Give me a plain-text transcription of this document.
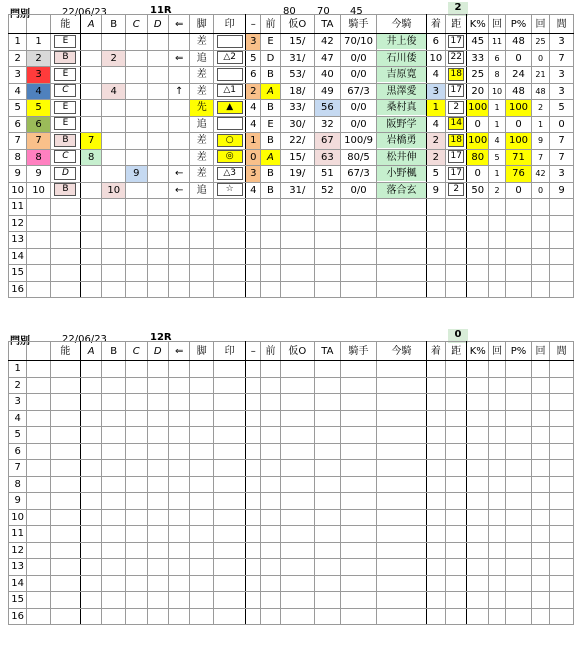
門別	22/06/23	11R	80 70 45	2
		能	A	B	C	D	⇐	脚	印	–	前	仮O	TA	騎手	今騎	着	距	K%	回	P%	回	閭
1	1	E						差		3	E	15/	42	70/10	井上俊	6	17	45	11	48	25	3
2	2	B		2			⇐	追	△2	5	D	31/	47	0/0	石川倭	10	22	33	6	0	0	7
3	3	E						差		6	B	53/	40	0/0	吉原寛	4	18	25	8	24	21	3
4	4	C		4			↑	差	△1	2	A	18/	49	67/3	黒澤愛	3	17	20	10	48	48	3
5	5	E						先	▲	4	B	33/	56	0/0	桑村真	1	2	100	1	100	2	5
6	6	E						追		4	E	30/	32	0/0	阪野学	4	14	0	1	0	1	0
7	7	B	7					差	○	1	B	22/	67	100/9	岩橋勇	2	18	100	4	100	9	7
8	8	C	8					差	◎	0	A	15/	63	80/5	松井伸	2	17	80	5	71	7	7
9	9	D			9		←	差	△3	3	B	19/	51	67/3	小野楓	5	17	0	1	76	42	3
10	10	B		10			←	追	☆	4	B	31/	52	0/0	落合玄	9	2	50	2	0	0	9
11																						
12																						
13																						
14																						
15																						
16																						
門別	22/06/23	12R	0
		能	A	B	C	D	⇐	脚	印	–	前	仮O	TA	騎手	今騎	着	距	K%	回	P%	回	閭
1																						
2																						
3																						
4																						
5																						
6																						
7																						
8																						
9																						
10																						
11																						
12																						
13																						
14																						
15																						
16																						
